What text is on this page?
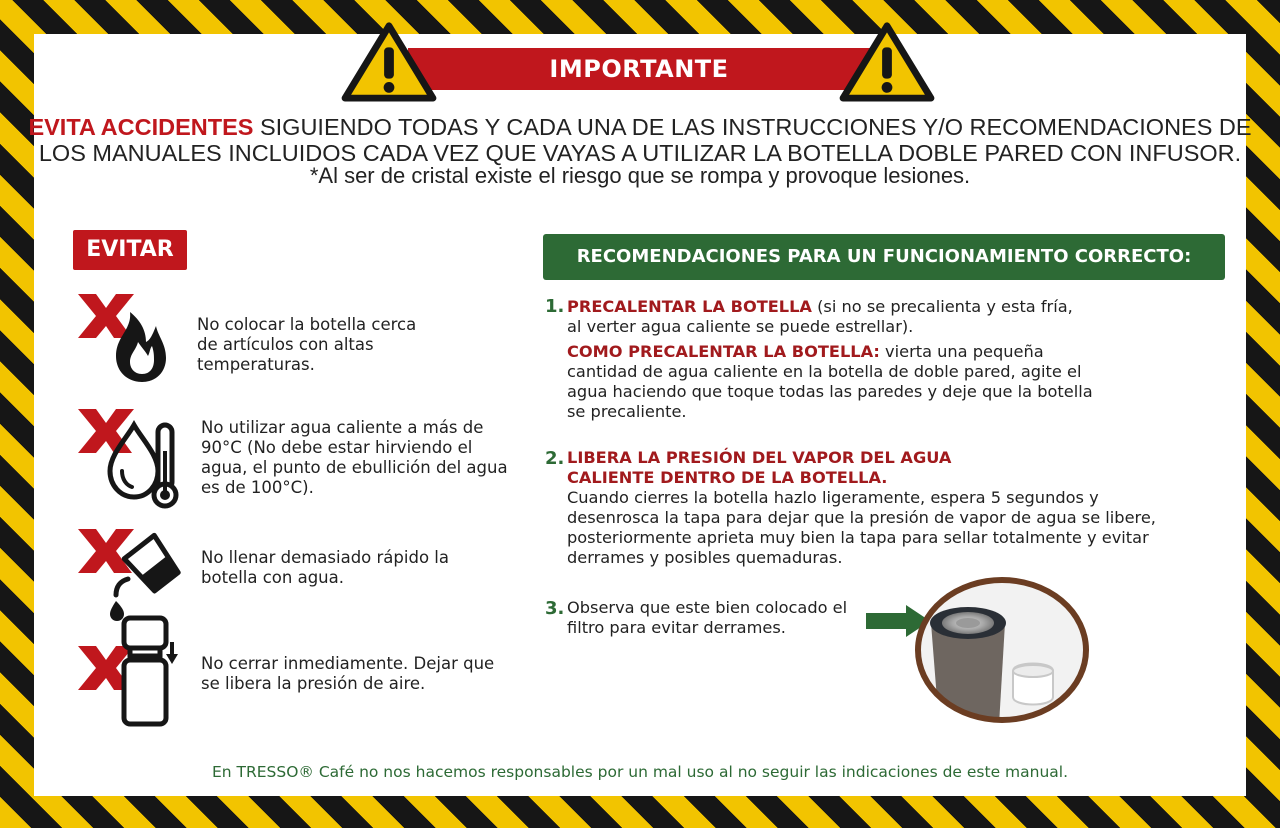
IMPORTANTE
EVITA ACCIDENTES SIGUIENDO TODAS Y CADA UNA DE LAS INSTRUCCIONES Y/O RECOMENDACIONES DE
LOS MANUALES INCLUIDOS CADA VEZ QUE VAYAS A UTILIZAR LA BOTELLA DOBLE PARED CON INFUSOR.
*Al ser de cristal existe el riesgo que se rompa y provoque lesiones.
EVITAR	RECOMENDACIONES PARA UN FUNCIONAMIENTO CORRECTO:
No colocar la botella cerca de artículos con altas temperaturas.
No utilizar agua caliente a más de 90°C (No debe estar hirviendo el agua, el punto de ebullición del agua es de 100°C).
No llenar demasiado rápido la botella con agua.
No cerrar inmediamente. Dejar que se libera la presión de aire.
1. PRECALENTAR LA BOTELLA (si no se precalienta y esta fría, al verter agua caliente se puede estrellar).
COMO PRECALENTAR LA BOTELLA: vierta una pequeña cantidad de agua caliente en la botella de doble pared, agite el agua haciendo que toque todas las paredes y deje que la botella se precaliente.
2. LIBERA LA PRESIÓN DEL VAPOR DEL AGUA CALIENTE DENTRO DE LA BOTELLA.
Cuando cierres la botella hazlo ligeramente, espera 5 segundos y desenrosca la tapa para dejar que la presión de vapor de agua se libere, posteriormente aprieta muy bien la tapa para sellar totalmente y evitar derrames y posibles quemaduras.
3. Observa que este bien colocado el filtro para evitar derrames.
En TRESSO® Café no nos hacemos responsables por un mal uso al no seguir las indicaciones de este manual.
